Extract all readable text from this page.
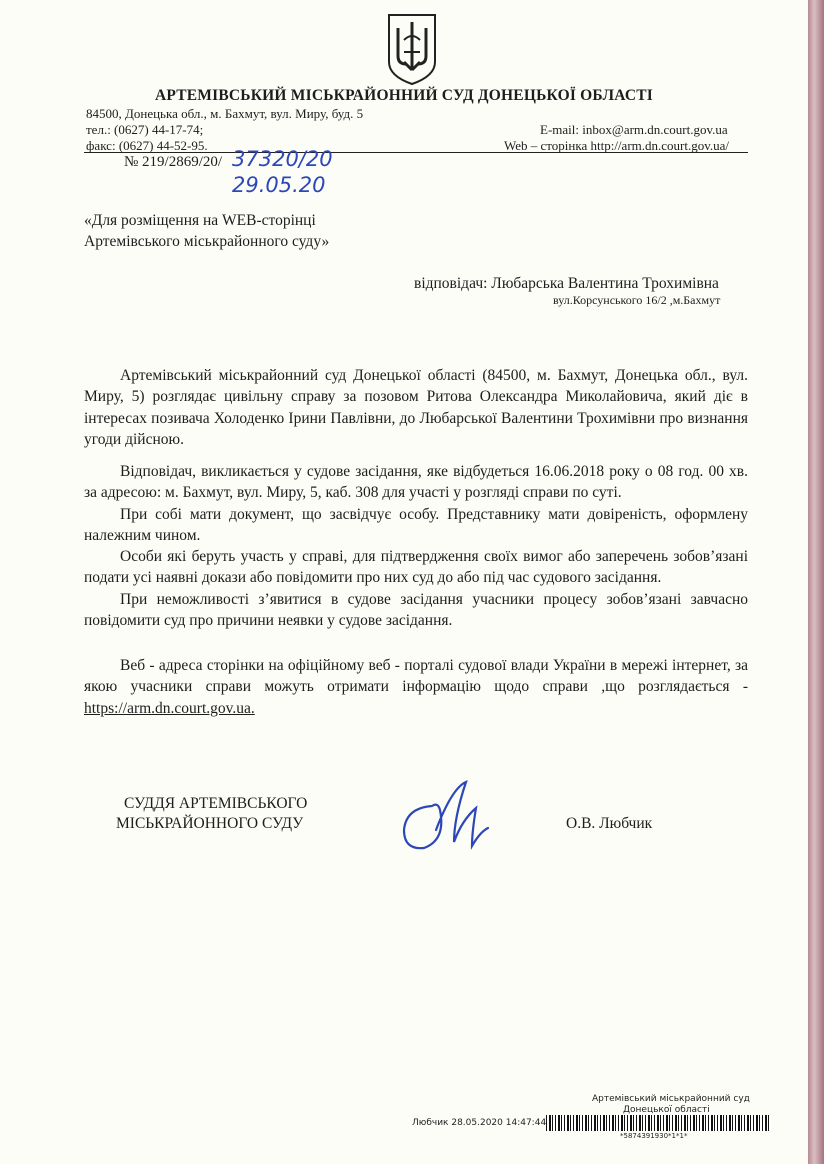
АРТЕМІВСЬКИЙ МІСЬКРАЙОННИЙ СУД ДОНЕЦЬКОЇ ОБЛАСТІ
84500, Донецька обл., м. Бахмут, вул. Миру, буд. 5
тел.: (0627) 44-17-74;
факс: (0627) 44-52-95.
E-mail: inbox@arm.dn.court.gov.ua
Web – сторінка http://arm.dn.court.gov.ua/
№ 219/2869/20/ 37320/20
29.05.20
«Для розміщення на WEB-сторінці
Артемівського міськрайонного суду»
відповідач: Любарська Валентина Трохимівна
вул.Корсунського 16/2 ,м.Бахмут

Артемівський міськрайонний суд Донецької області (84500, м. Бахмут, Донецька обл., вул. Миру, 5) розглядає цивільну справу за позовом Ритова Олександра Миколайовича, який діє в інтересах позивача Холоденко Ірини Павлівни, до Любарської Валентини Трохимівни про визнання угоди дійсною.

Відповідач, викликається у судове засідання, яке відбудеться 16.06.2018 року о 08 год. 00 хв. за адресою: м. Бахмут, вул. Миру, 5, каб. 308 для участі у розгляді справи по суті.

При собі мати документ, що засвідчує особу. Представнику мати довіреність, оформлену належним чином.

Особи які беруть участь у справі, для підтвердження своїх вимог або заперечень зобов’язані подати усі наявні докази або повідомити про них суд до або під час судового засідання.

При неможливості з’явитися в судове засідання учасники процесу зобов’язані завчасно повідомити суд про причини неявки у судове засідання.

Веб - адреса сторінки на офіційному веб - порталі судової влади України в мережі інтернет, за якою учасники справи можуть отримати інформацію щодо справи ,що розглядається - https://arm.dn.court.gov.ua.

СУДДЯ АРТЕМІВСЬКОГО
МІСЬКРАЙОННОГО СУДУ	О.В. Любчик
Артемівський міськрайонний суд
Донецької області
Любчик 28.05.2020 14:47:44
*5874391930*1*1*
